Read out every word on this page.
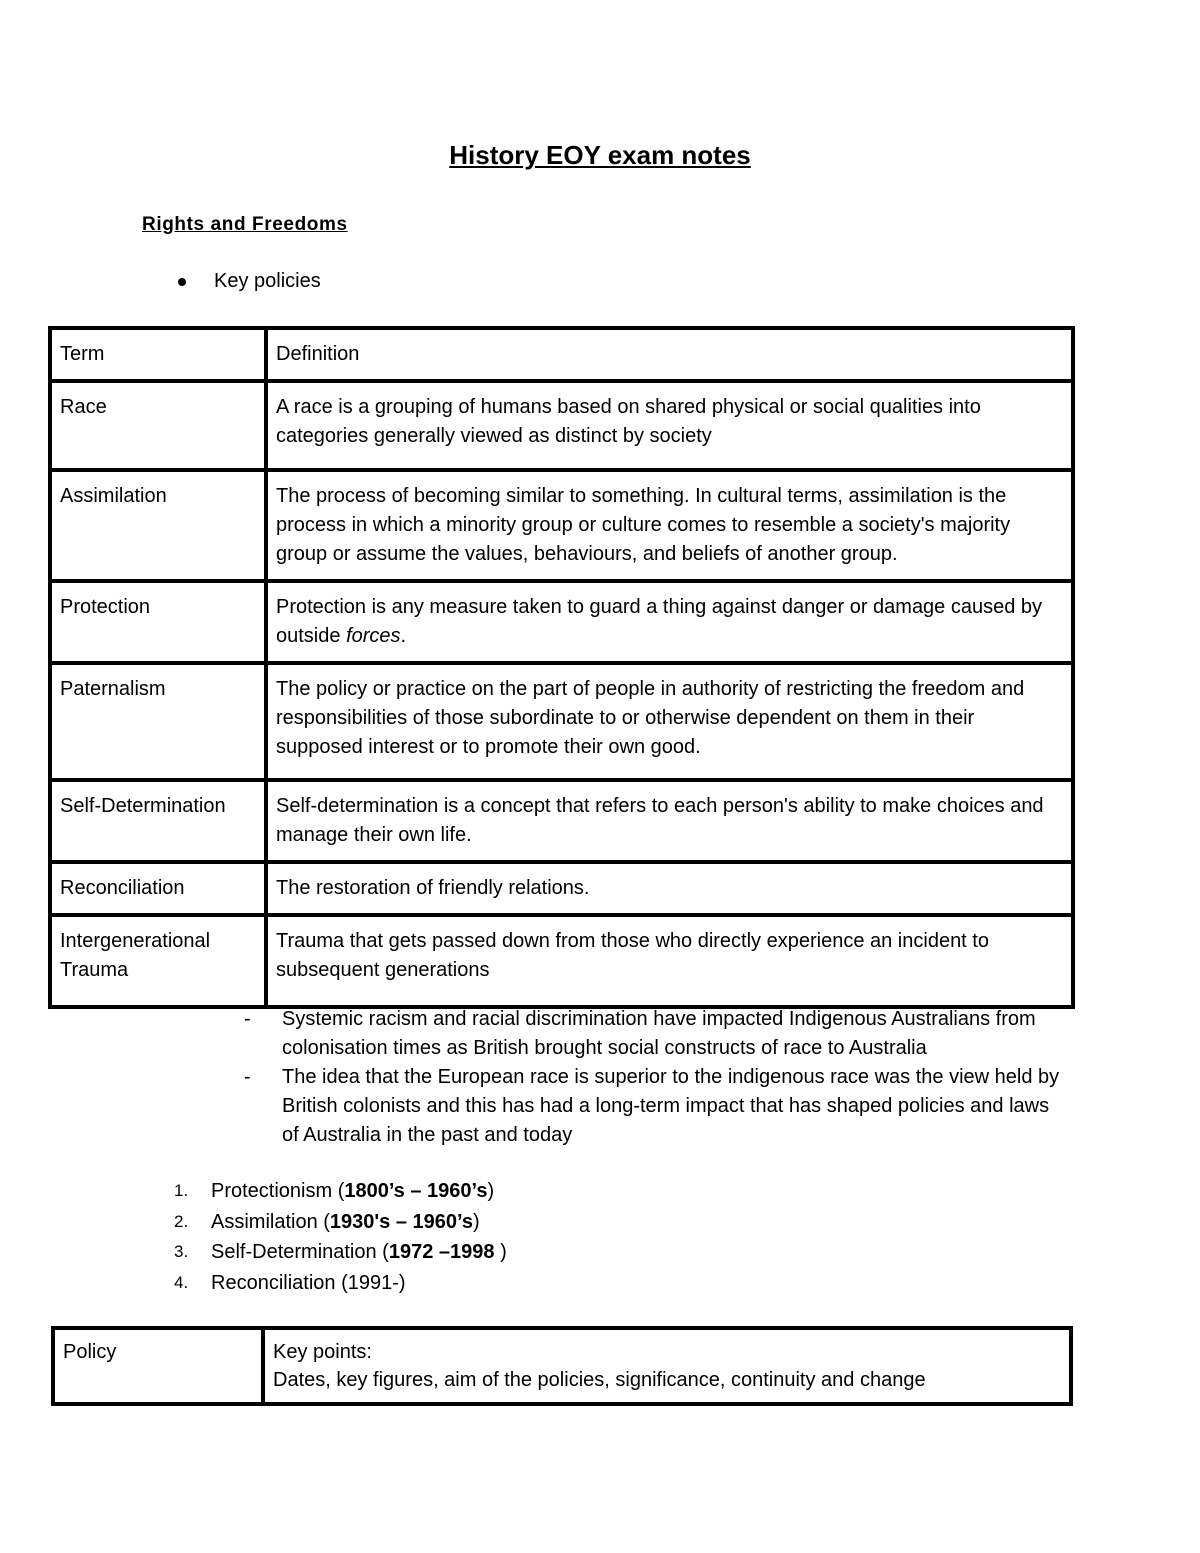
History EOY exam notes
Rights and Freedoms
Key policies
Term	Definition
Race	A race is a grouping of humans based on shared physical or social qualities into categories generally viewed as distinct by society
Assimilation	The process of becoming similar to something. In cultural terms, assimilation is the process in which a minority group or culture comes to resemble a society's majority group or assume the values, behaviours, and beliefs of another group.
Protection	Protection is any measure taken to guard a thing against danger or damage caused by outside forces.
Paternalism	The policy or practice on the part of people in authority of restricting the freedom and responsibilities of those subordinate to or otherwise dependent on them in their supposed interest or to promote their own good.
Self-Determination	Self-determination is a concept that refers to each person's ability to make choices and manage their own life.
Reconciliation	The restoration of friendly relations.
Intergenerational Trauma	Trauma that gets passed down from those who directly experience an incident to subsequent generations
-	Systemic racism and racial discrimination have impacted Indigenous Australians from colonisation times as British brought social constructs of race to Australia
-	The idea that the European race is superior to the indigenous race was the view held by British colonists and this has had a long-term impact that has shaped policies and laws of Australia in the past and today
1.	Protectionism (1800’s – 1960’s)
2.	Assimilation (1930's – 1960’s)
3.	Self-Determination (1972 –1998 )
4.	Reconciliation (1991-)
Policy	Key points:
Dates, key figures, aim of the policies, significance, continuity and change
